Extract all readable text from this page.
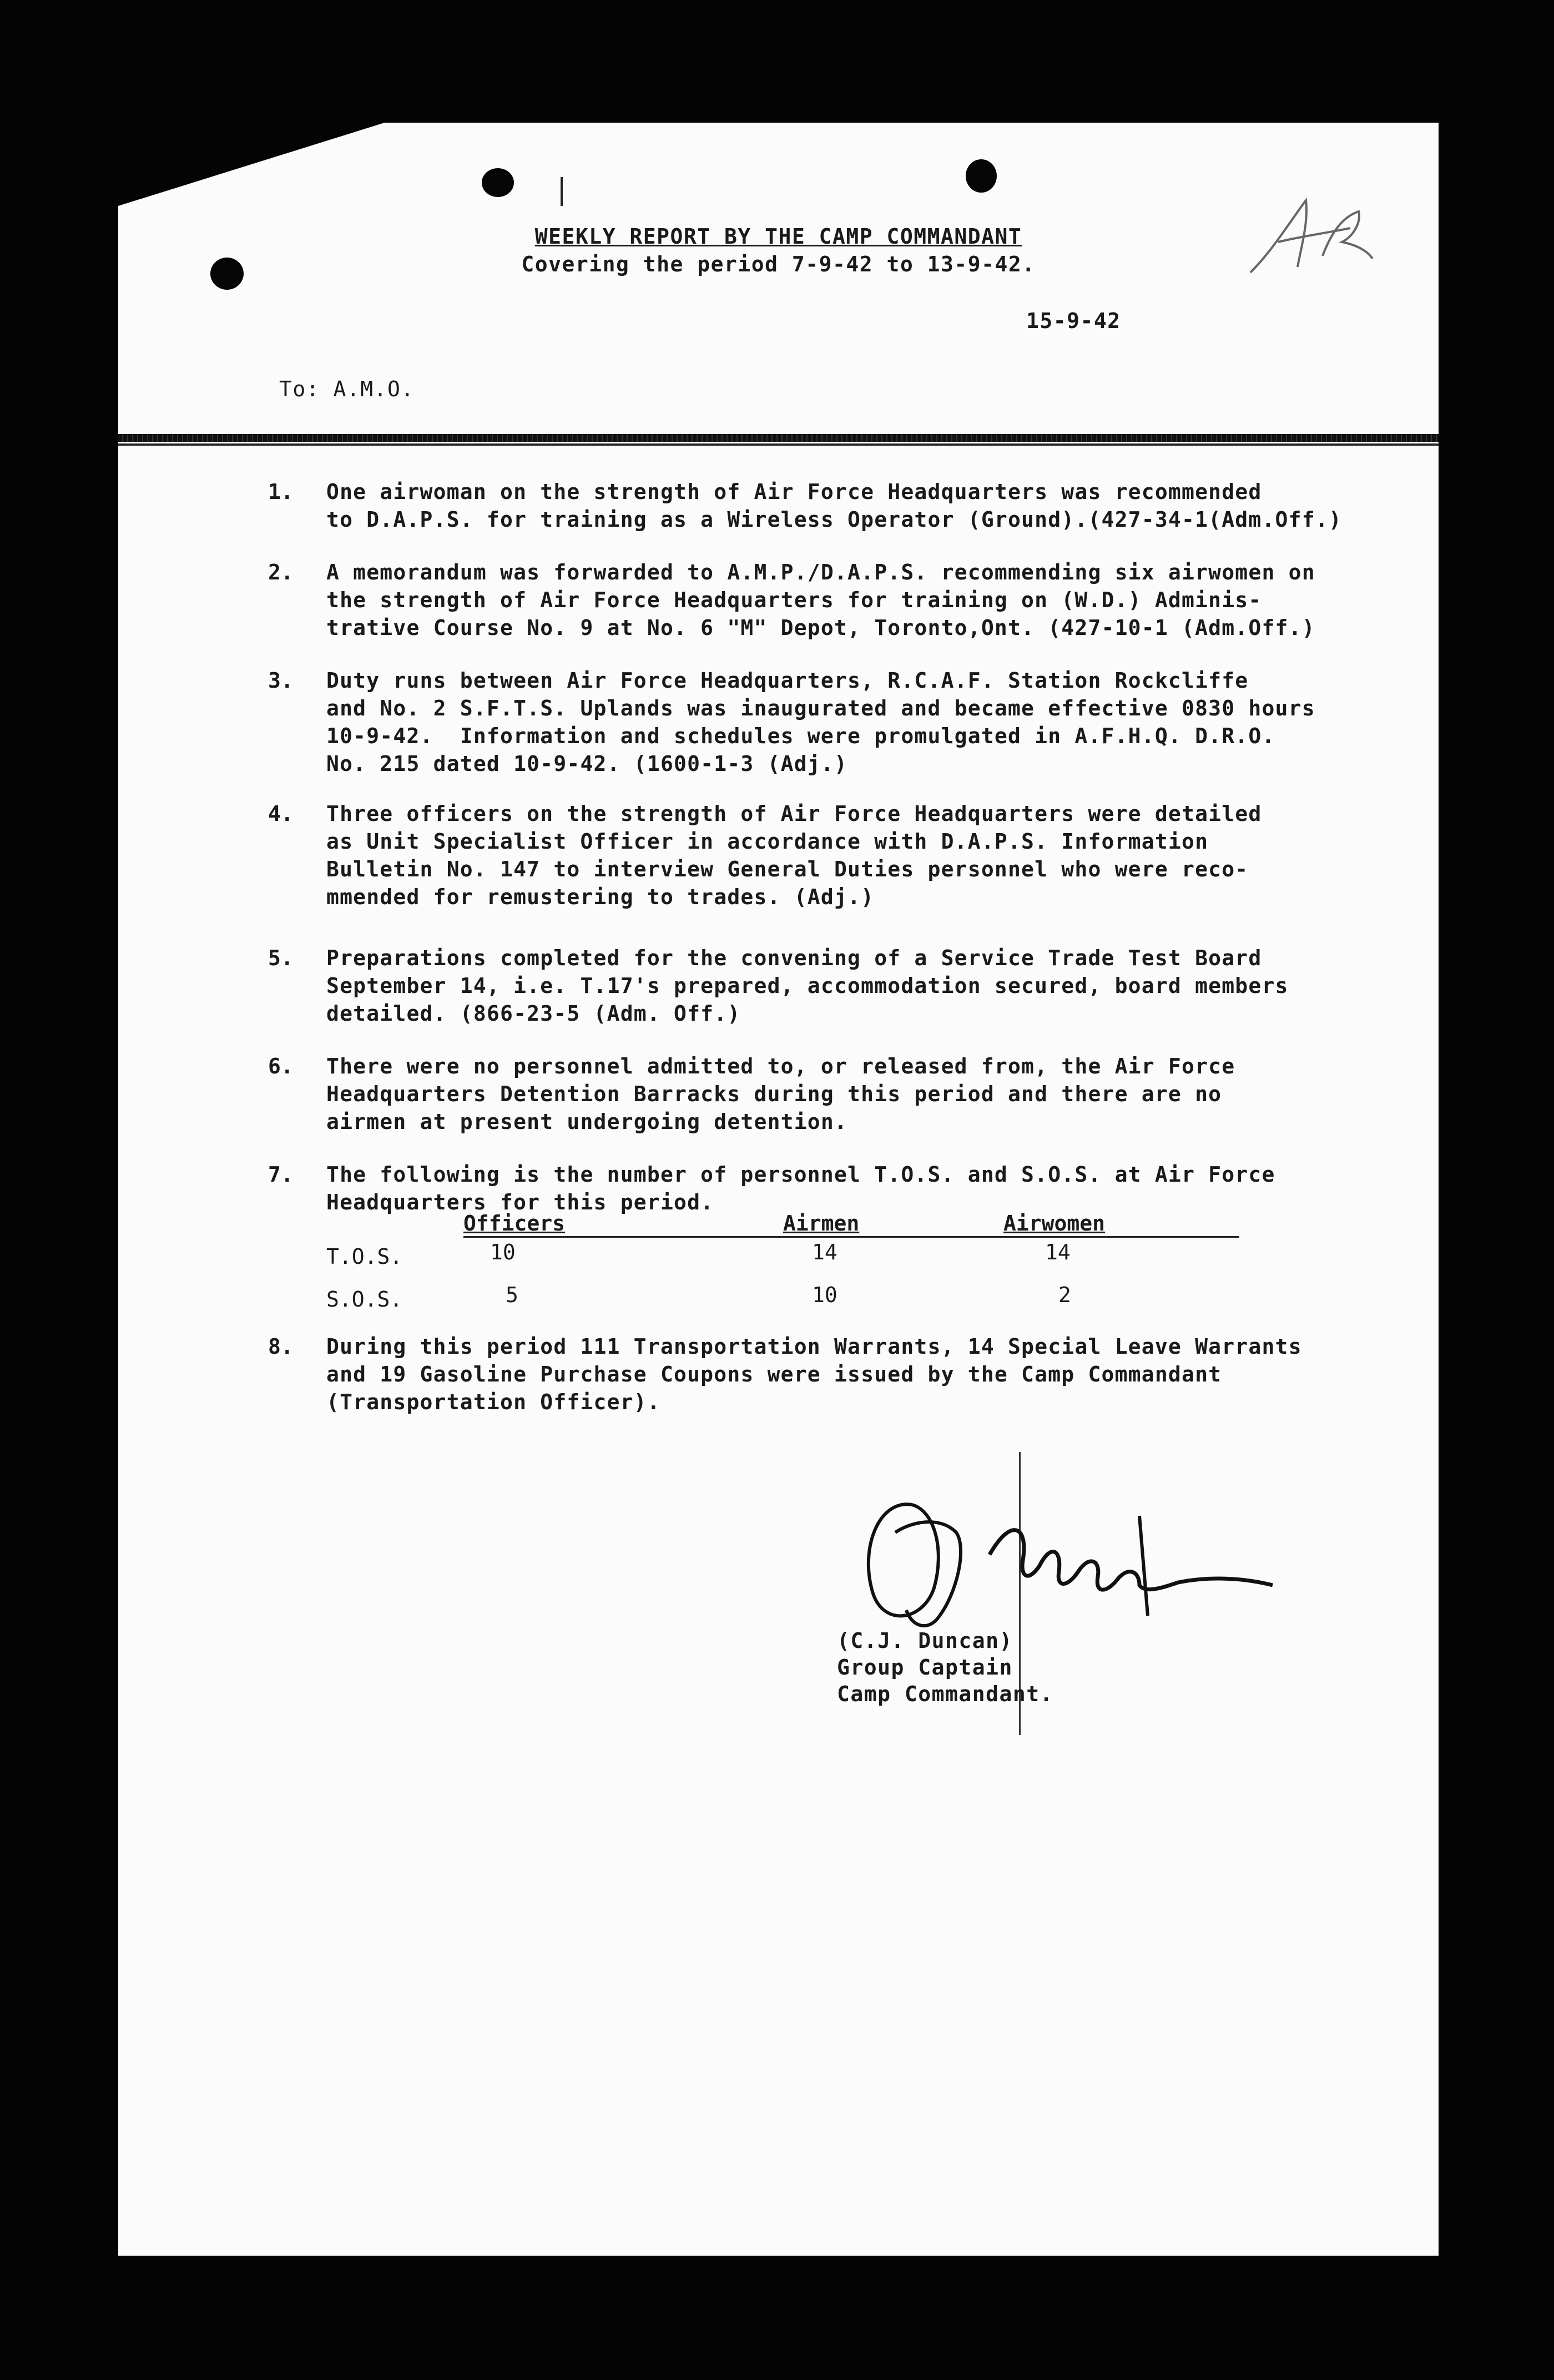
WEEKLY REPORT BY THE CAMP COMMANDANT
Covering the period 7-9-42 to 13-9-42.
15-9-42
To: A.M.O.
1. One airwoman on the strength of Air Force Headquarters was recommended
to D.A.P.S. for training as a Wireless Operator (Ground).(427-34-1(Adm.Off.)
2. A memorandum was forwarded to A.M.P./D.A.P.S. recommending six airwomen on
the strength of Air Force Headquarters for training on (W.D.) Adminis-
trative Course No. 9 at No. 6 "M" Depot, Toronto,Ont. (427-10-1 (Adm.Off.)
3. Duty runs between Air Force Headquarters, R.C.A.F. Station Rockcliffe
and No. 2 S.F.T.S. Uplands was inaugurated and became effective 0830 hours
10-9-42.  Information and schedules were promulgated in A.F.H.Q. D.R.O.
No. 215 dated 10-9-42. (1600-1-3 (Adj.)
4. Three officers on the strength of Air Force Headquarters were detailed
as Unit Specialist Officer in accordance with D.A.P.S. Information
Bulletin No. 147 to interview General Duties personnel who were reco-
mmended for remustering to trades. (Adj.)
5. Preparations completed for the convening of a Service Trade Test Board
September 14, i.e. T.17's prepared, accommodation secured, board members
detailed. (866-23-5 (Adm. Off.)
6. There were no personnel admitted to, or released from, the Air Force
Headquarters Detention Barracks during this period and there are no
airmen at present undergoing detention.
7. The following is the number of personnel T.O.S. and S.O.S. at Air Force
Headquarters for this period.
Officers	Airmen	Airwomen
T.O.S.	10	14	14
S.O.S.	5	10	2
8. During this period 111 Transportation Warrants, 14 Special Leave Warrants
and 19 Gasoline Purchase Coupons were issued by the Camp Commandant
(Transportation Officer).
(C.J. Duncan)
Group Captain
Camp Commandant.
